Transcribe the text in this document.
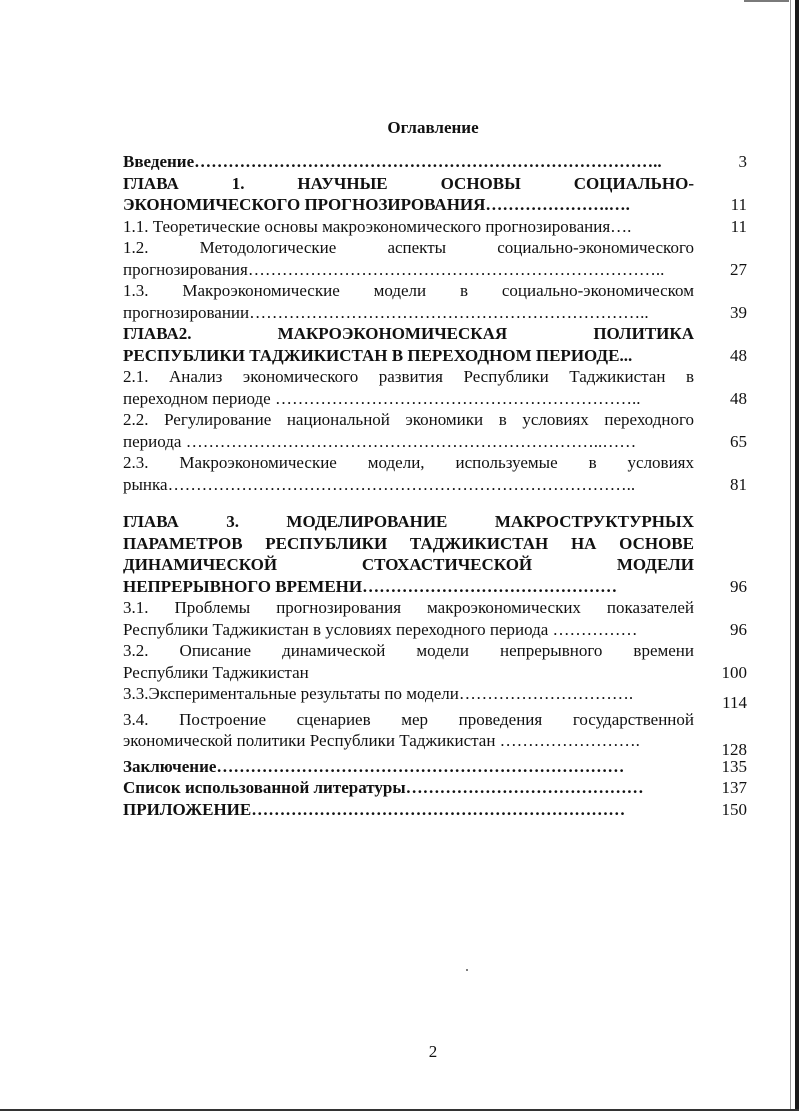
Оглавление
Введение………………………………………………………………………..	3
ГЛАВА 1. НАУЧНЫЕ ОСНОВЫ СОЦИАЛЬНО-
ЭКОНОМИЧЕСКОГО ПРОГНОЗИРОВАНИЯ………………….….	11
1.1. Теоретические основы макроэкономического прогнозирования….	11
1.2. Методологические аспекты социально-экономического
прогнозирования………………………………………………………………..	27
1.3. Макроэкономические модели в социально-экономическом
прогнозировании……………………………………………………………..	39
ГЛАВА2. МАКРОЭКОНОМИЧЕСКАЯ ПОЛИТИКА
РЕСПУБЛИКИ ТАДЖИКИСТАН В ПЕРЕХОДНОМ ПЕРИОДЕ...	48
2.1. Анализ экономического развития Республики Таджикистан в
переходном периоде ………………………………………………………..	48
2.2. Регулирование национальной экономики в условиях переходного
периода ………………………………………………………………..……	65
2.3. Макроэкономические модели, используемые в условиях
рынка………………………………………………………………………..	81
ГЛАВА 3. МОДЕЛИРОВАНИЕ МАКРОСТРУКТУРНЫХ
ПАРАМЕТРОВ РЕСПУБЛИКИ ТАДЖИКИСТАН НА ОСНОВЕ
ДИНАМИЧЕСКОЙ СТОХАСТИЧЕСКОЙ МОДЕЛИ
НЕПРЕРЫВНОГО ВРЕМЕНИ………………………………………	96
3.1. Проблемы прогнозирования макроэкономических показателей
Республики Таджикистан в условиях переходного периода ……………	96
3.2. Описание динамической модели непрерывного времени
Республики Таджикистан	100
3.3.Экспериментальные результаты по модели………………………….	114
3.4. Построение сценариев мер проведения государственной
экономической политики Республики Таджикистан …………………….	128
Заключение………………………………………………………………	135
Список использованной литературы……………………………………	137
ПРИЛОЖЕНИЕ…………………………………………………………	150
2
